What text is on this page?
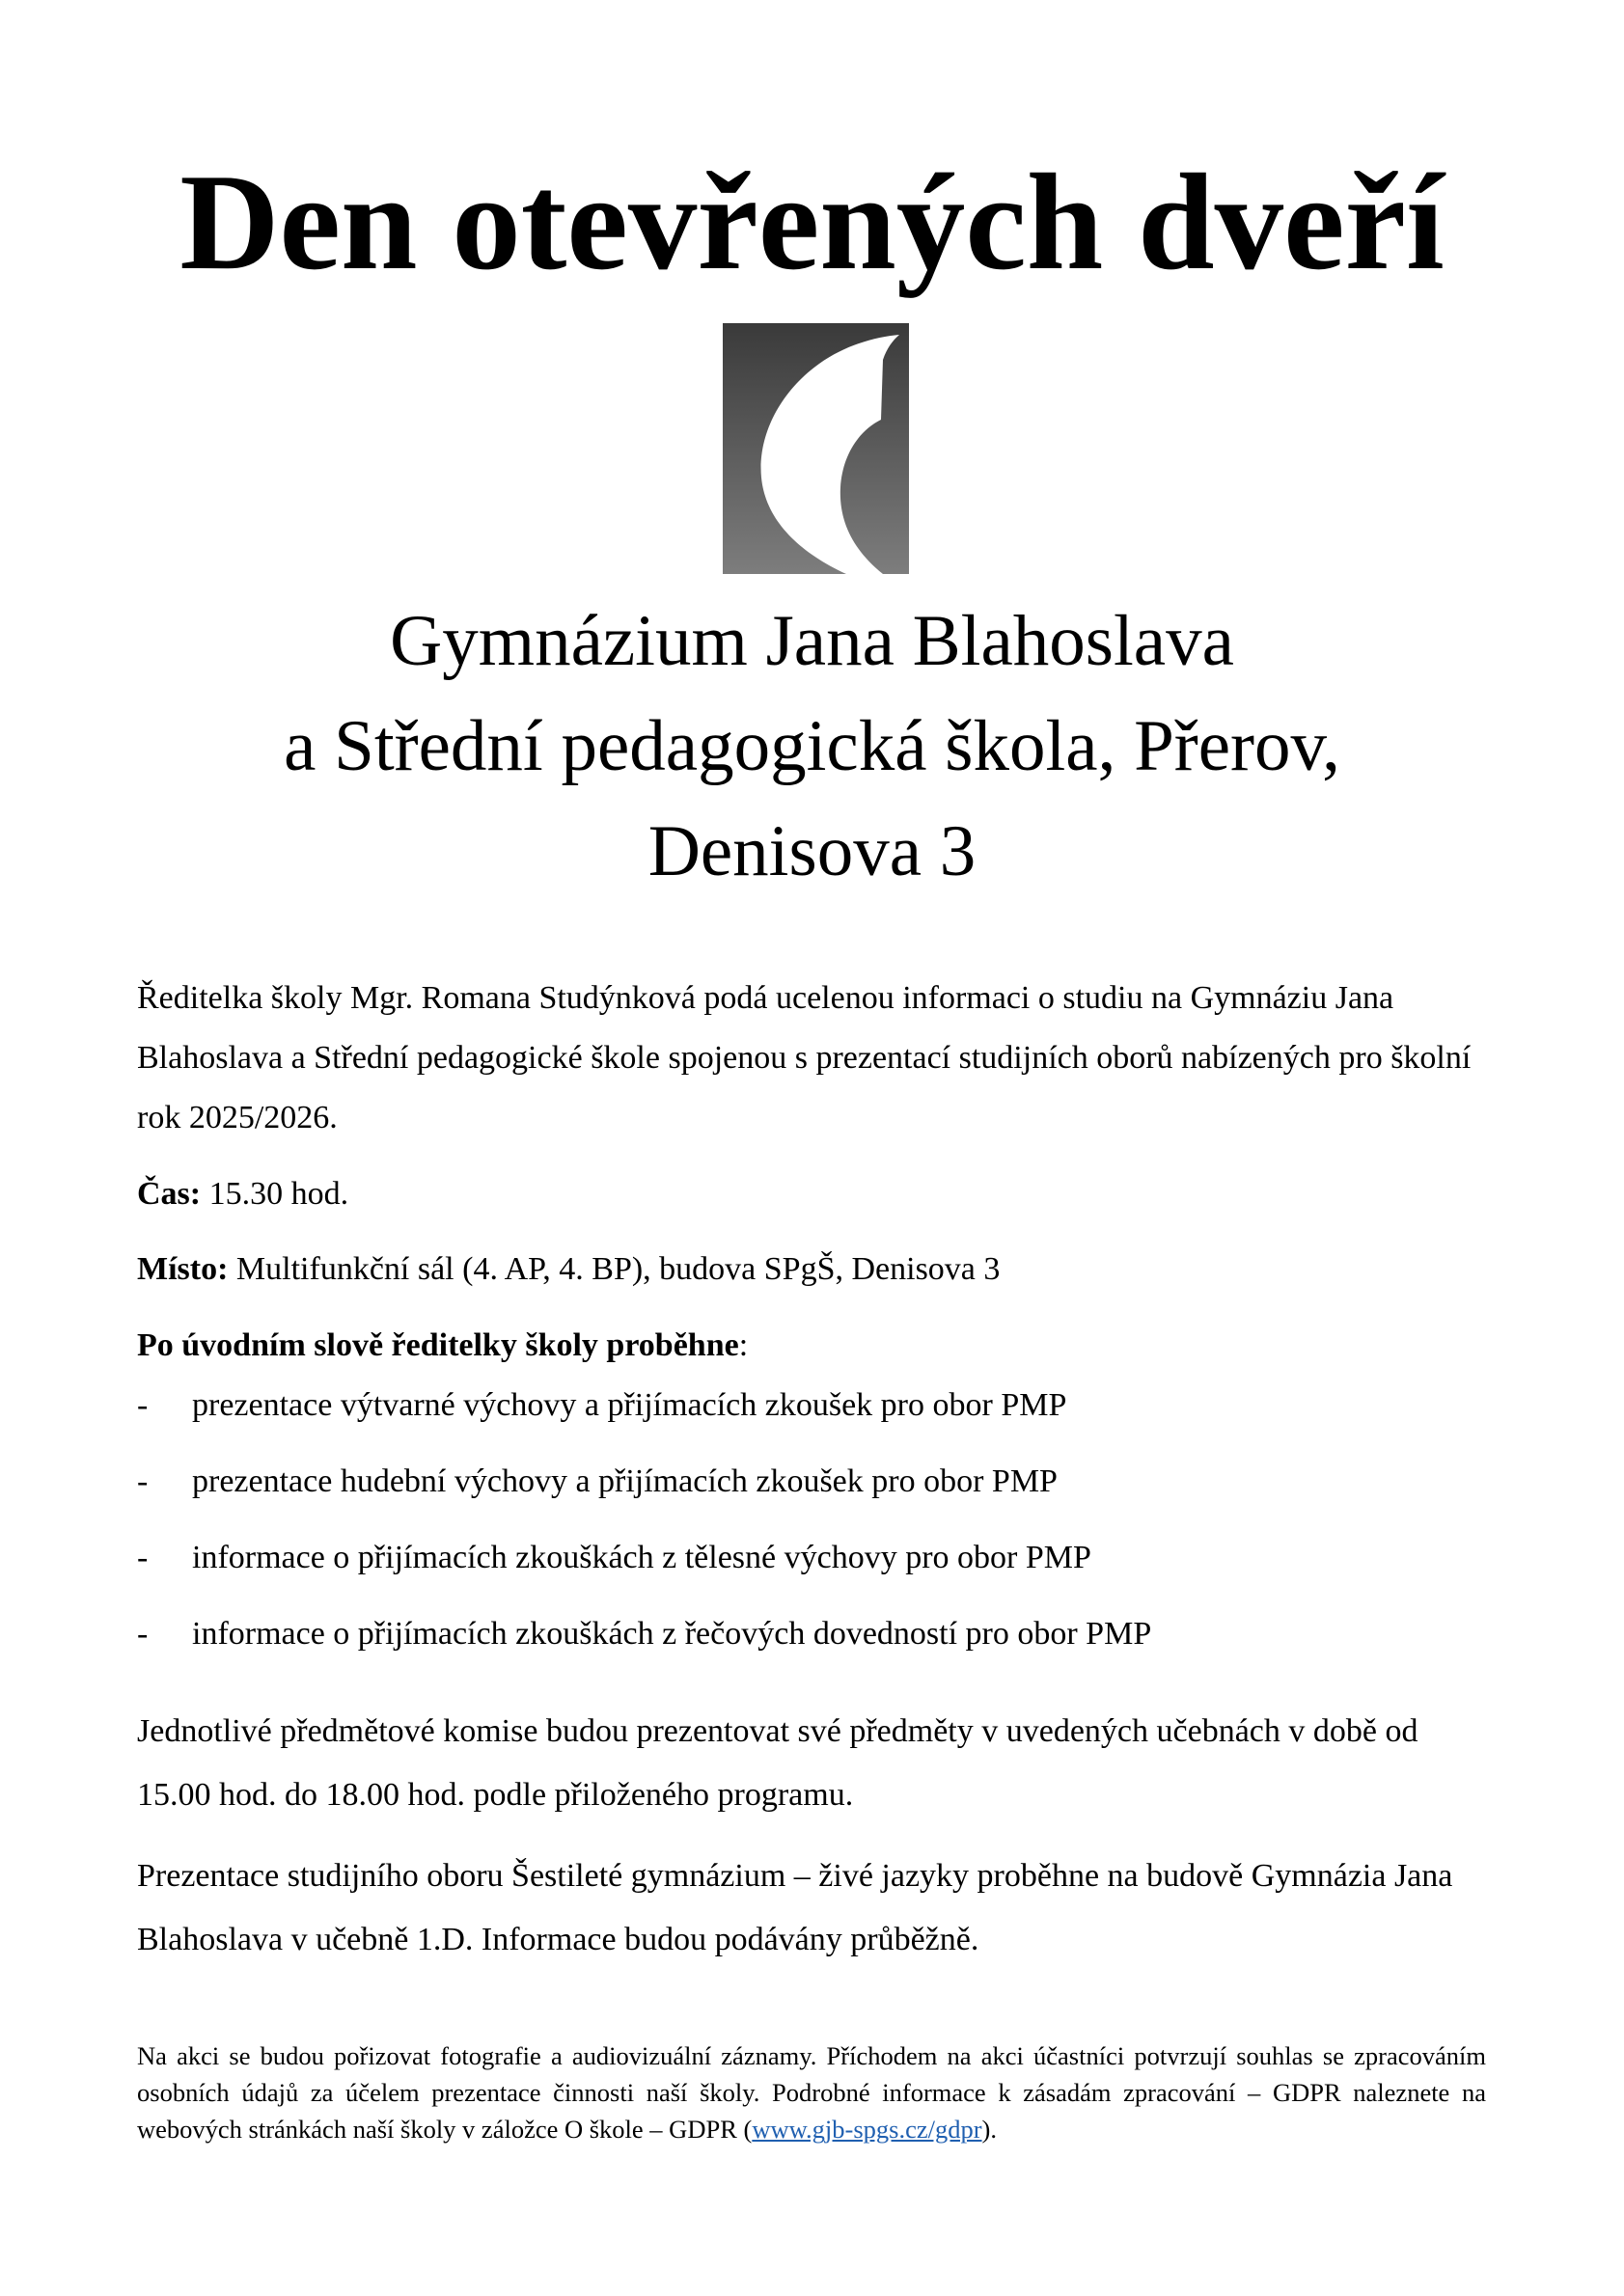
Den otevřených dveří
Gymnázium Jana Blahoslava
a Střední pedagogická škola, Přerov,
Denisova 3
Ředitelka školy Mgr. Romana Studýnková podá ucelenou informaci o studiu na Gymnáziu Jana Blahoslava a Střední pedagogické škole spojenou s prezentací studijních oborů nabízených pro školní rok 2025/2026.
Čas: 15.30 hod.
Místo: Multifunkční sál (4. AP, 4. BP), budova SPgŠ, Denisova 3
Po úvodním slově ředitelky školy proběhne:
-	prezentace výtvarné výchovy a přijímacích zkoušek pro obor PMP
-	prezentace hudební výchovy a přijímacích zkoušek pro obor PMP
-	informace o přijímacích zkouškách z tělesné výchovy pro obor PMP
-	informace o přijímacích zkouškách z řečových dovedností pro obor PMP
Jednotlivé předmětové komise budou prezentovat své předměty v uvedených učebnách v době od 15.00 hod. do 18.00 hod. podle přiloženého programu.
Prezentace studijního oboru Šestileté gymnázium – živé jazyky proběhne na budově Gymnázia Jana Blahoslava v učebně 1.D. Informace budou podávány průběžně.
Na akci se budou pořizovat fotografie a audiovizuální záznamy. Příchodem na akci účastníci potvrzují souhlas se zpracováním osobních údajů za účelem prezentace činnosti naší školy. Podrobné informace k zásadám zpracování – GDPR naleznete na webových stránkách naší školy v záložce O škole – GDPR (www.gjb-spgs.cz/gdpr).
